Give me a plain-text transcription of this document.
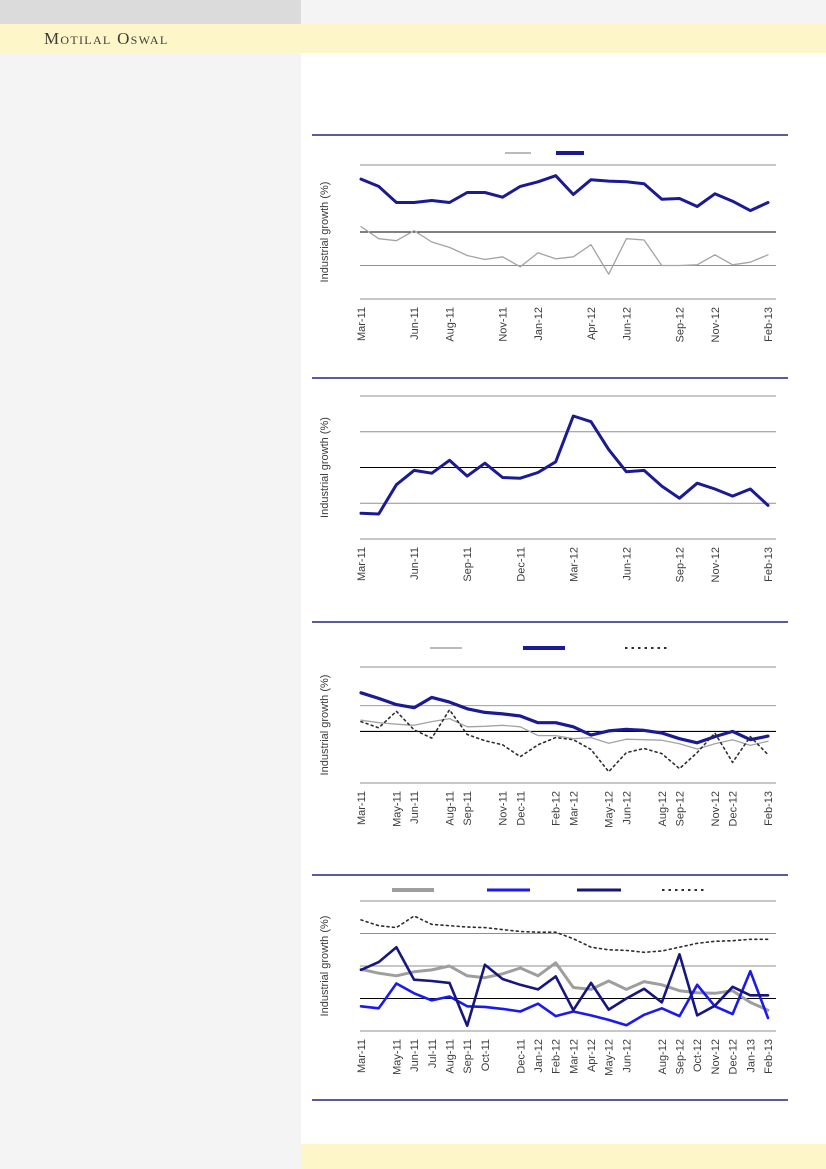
Motilal Oswal
Industrial growth (%)
Mar-11	Jun-11 Aug-11	Nov-11 Jan-12	Apr-12 Jun-12	Sep-12 Nov-12	Feb-13
Industrial growth (%)
Mar-11	Jun-11	Sep-11	Dec-11	Mar-12	Jun-12	Sep-12 Nov-12	Feb-13
Industrial growth (%)
Mar-11 May-11 Jun-11 Aug-11 Sep-11 Nov-11 Dec-11 Feb-12 Mar-12 May-12 Jun-12 Aug-12 Sep-12 Nov-12 Dec-12 Feb-13
Industrial growth (%)
Mar-11 May-11 Jun-11 Jul-11 Aug-11 Sep-11 Oct-11 Dec-11 Jan-12 Feb-12 Mar-12 Apr-12 May-12 Jun-12 Aug-12 Sep-12 Oct-12 Nov-12 Dec-12 Jan-13 Feb-13
